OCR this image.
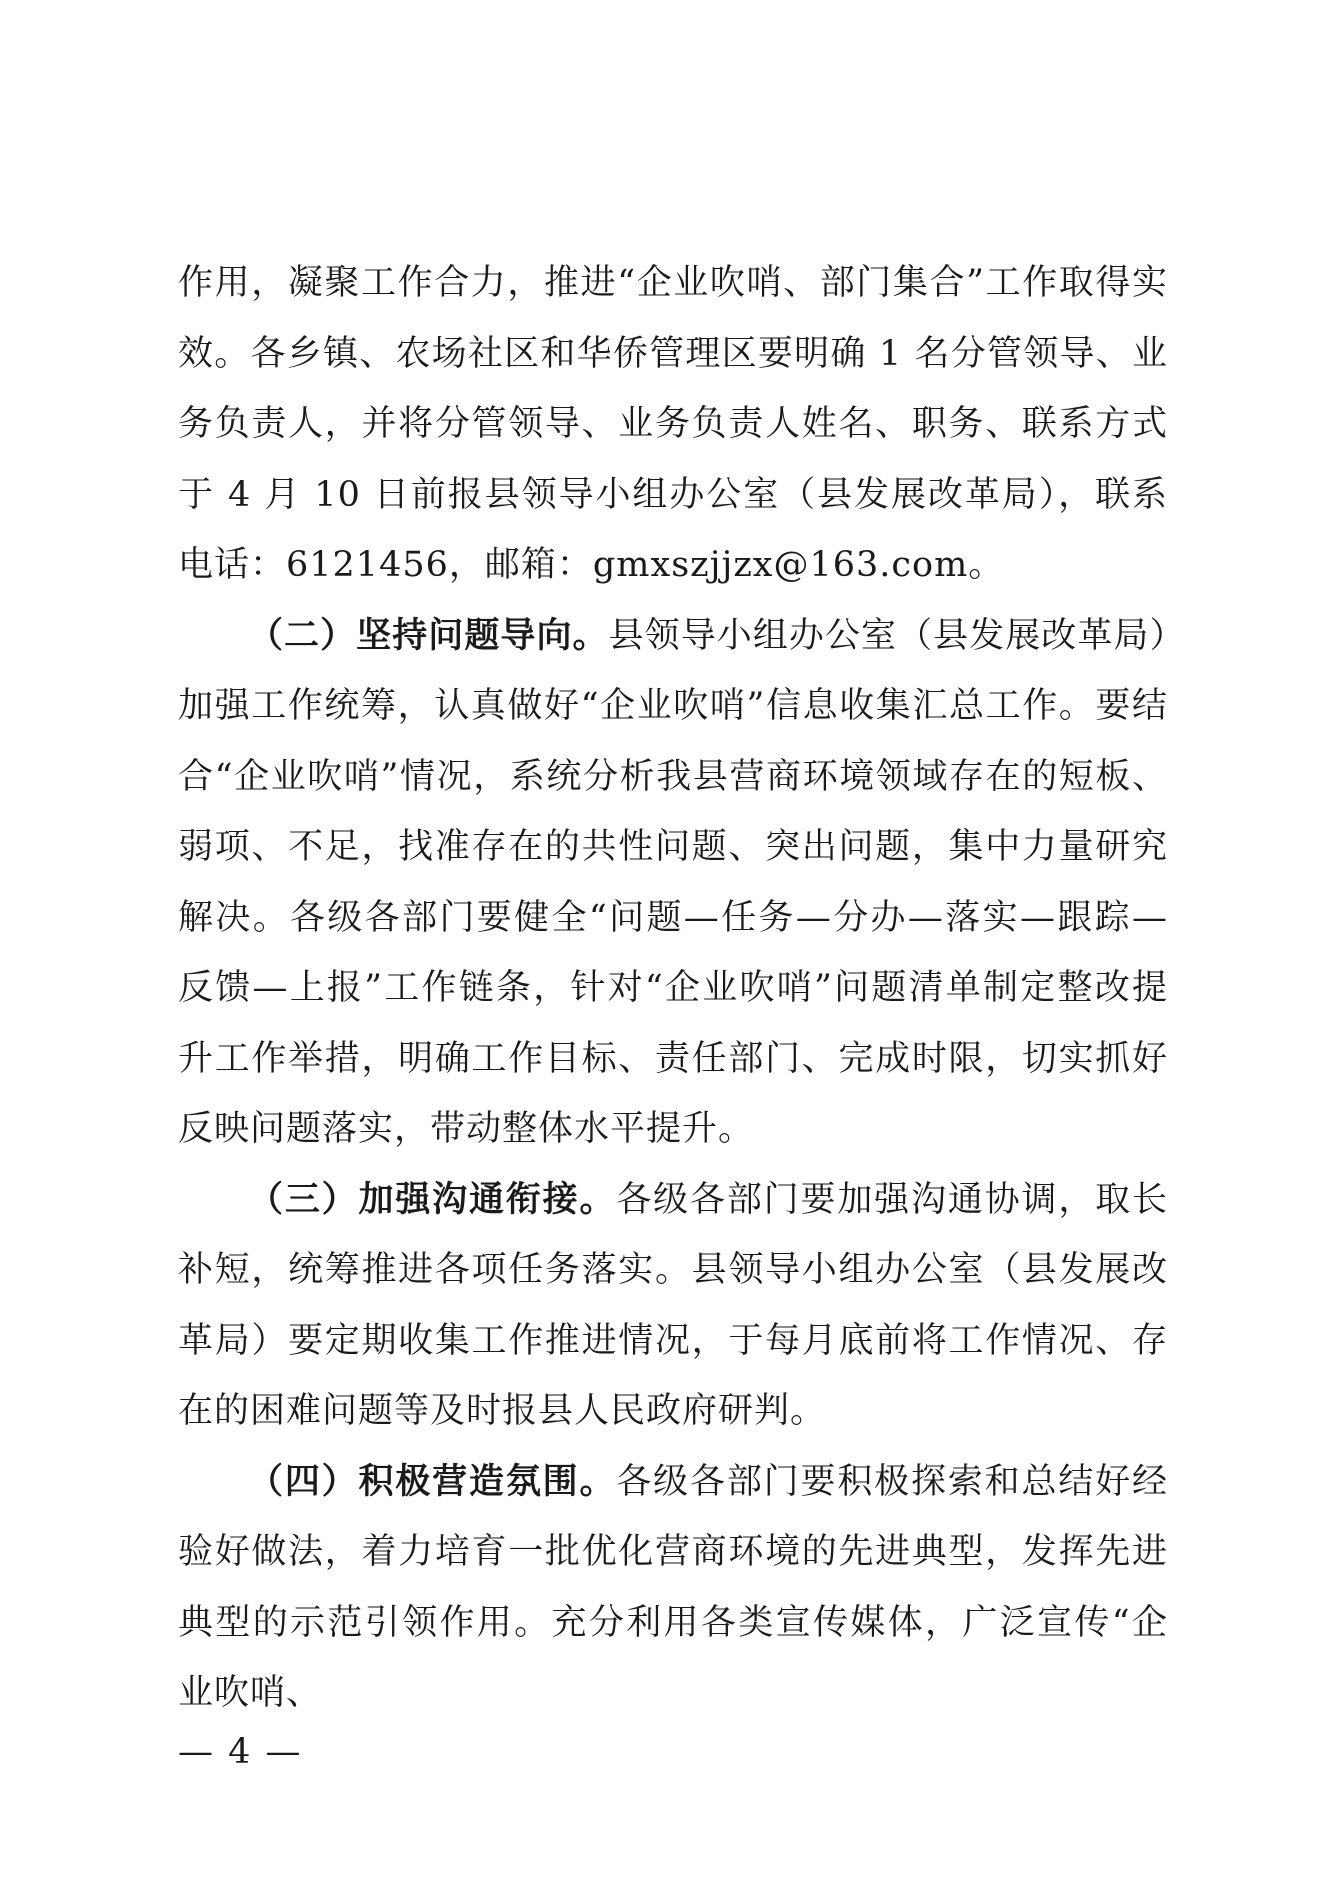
作用，凝聚工作合力，推进“企业吹哨、部门集合”工作取得实效。各乡镇、农场社区和华侨管理区要明确 1 名分管领导、业务负责人，并将分管领导、业务负责人姓名、职务、联系方式于 4 月 10 日前报县领导小组办公室（县发展改革局），联系电话：6121456，邮箱：gmxszjjzx@163.com。

（二）坚持问题导向。县领导小组办公室（县发展改革局）加强工作统筹，认真做好“企业吹哨”信息收集汇总工作。要结合“企业吹哨”情况，系统分析我县营商环境领域存在的短板、弱项、不足，找准存在的共性问题、突出问题，集中力量研究解决。各级各部门要健全“问题—任务—分办—落实—跟踪—反馈—上报”工作链条，针对“企业吹哨”问题清单制定整改提升工作举措，明确工作目标、责任部门、完成时限，切实抓好反映问题落实，带动整体水平提升。

（三）加强沟通衔接。各级各部门要加强沟通协调，取长补短，统筹推进各项任务落实。县领导小组办公室（县发展改革局）要定期收集工作推进情况，于每月底前将工作情况、存在的困难问题等及时报县人民政府研判。

（四）积极营造氛围。各级各部门要积极探索和总结好经验好做法，着力培育一批优化营商环境的先进典型，发挥先进典型的示范引领作用。充分利用各类宣传媒体，广泛宣传“企业吹哨、

— 4 —
